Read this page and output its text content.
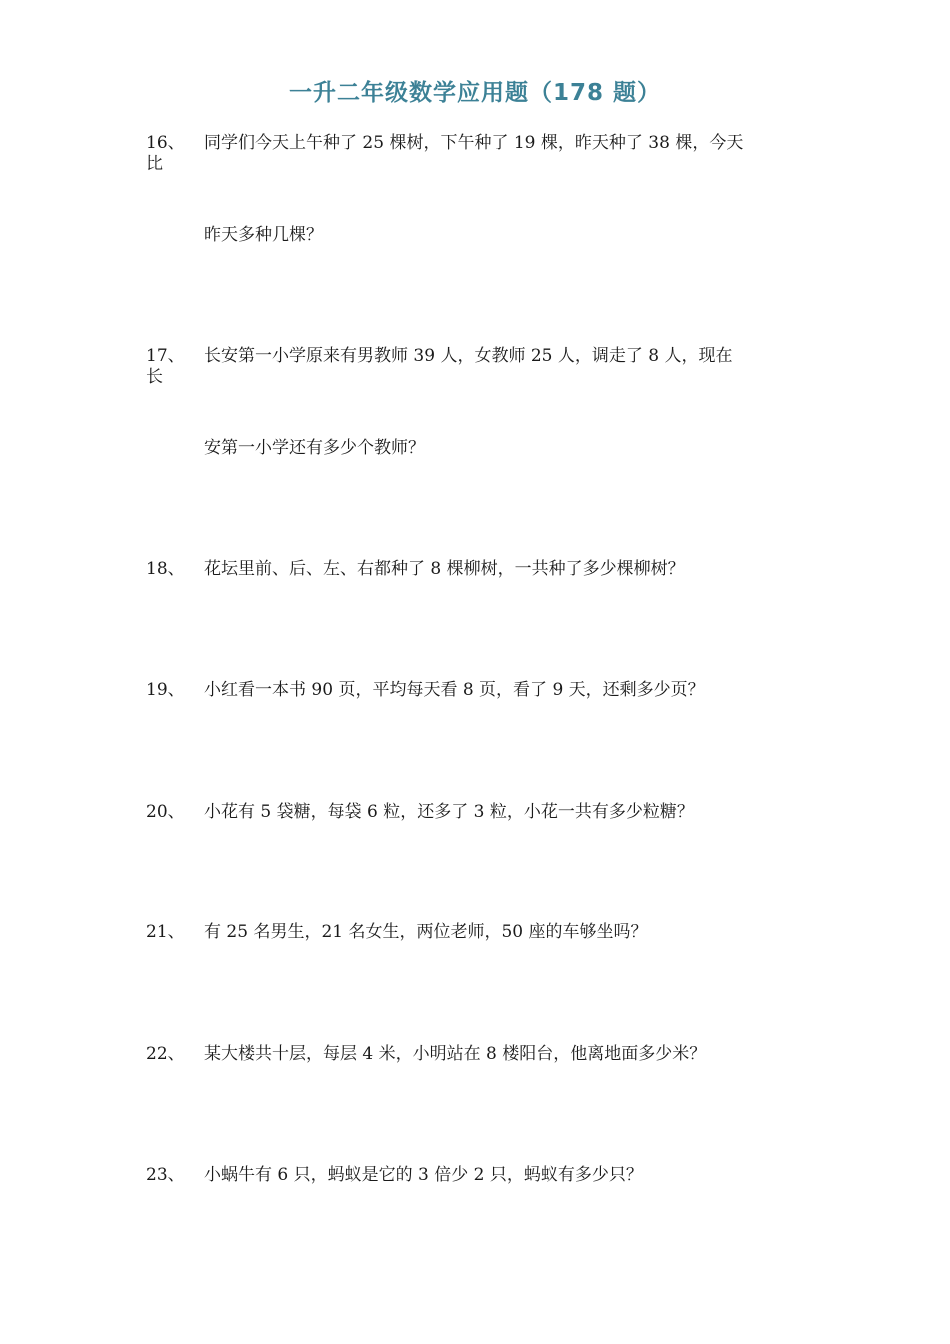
一升二年级数学应用题（178 题）
16、 同学们今天上午种了 25 棵树，下午种了 19 棵，昨天种了 38 棵，今天
比
昨天多种几棵？
17、 长安第一小学原来有男教师 39 人，女教师 25 人，调走了 8 人，现在
长
安第一小学还有多少个教师？
18、 花坛里前、后、左、右都种了 8 棵柳树，一共种了多少棵柳树？
19、 小红看一本书 90 页，平均每天看 8 页，看了 9 天，还剩多少页？
20、 小花有 5 袋糖，每袋 6 粒，还多了 3 粒，小花一共有多少粒糖？
21、 有 25 名男生，21 名女生，两位老师，50 座的车够坐吗？
22、 某大楼共十层，每层 4 米，小明站在 8 楼阳台，他离地面多少米？
23、 小蜗牛有 6 只，蚂蚁是它的 3 倍少 2 只，蚂蚁有多少只？
